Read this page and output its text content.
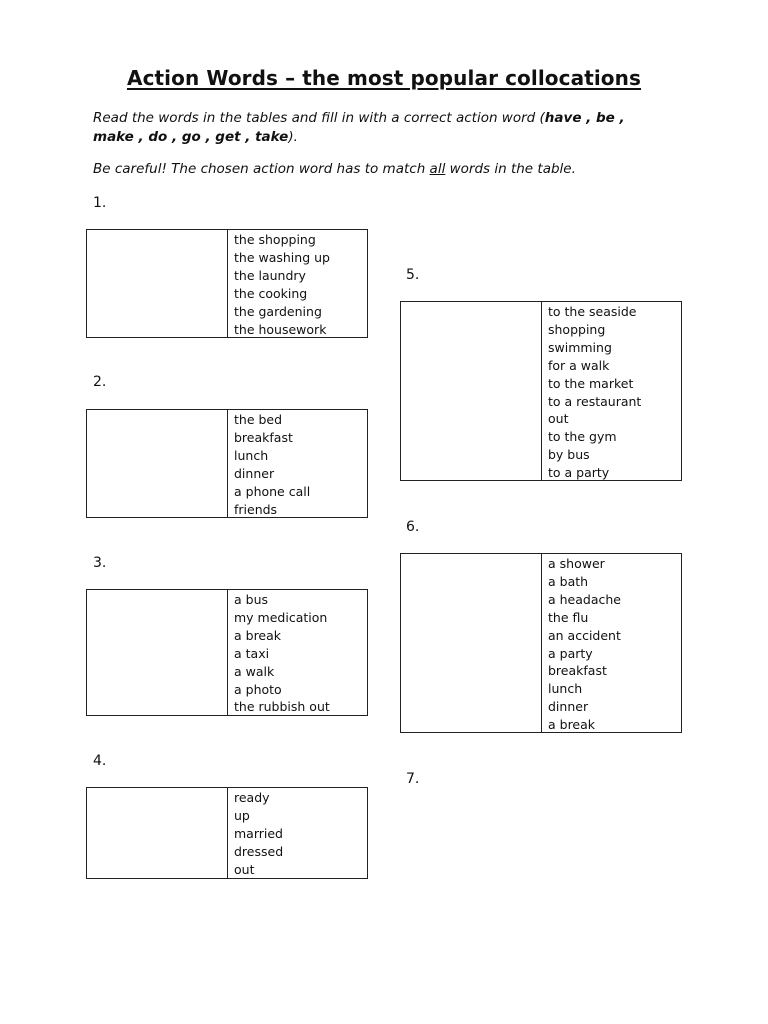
Action Words – the most popular collocations
Read the words in the tables and fill in with a correct action word (have , be ,
make , do , go , get , take).
Be careful! The chosen action word has to match all words in the table.
1.
the shopping
the washing up
the laundry
the cooking
the gardening
the housework
2.
the bed
breakfast
lunch
dinner
a phone call
friends
3.
a bus
my medication
a break
a taxi
a walk
a photo
the rubbish out
4.
ready
up
married
dressed
out
5.
to the seaside
shopping
swimming
for a walk
to the market
to a restaurant
out
to the gym
by bus
to a party
6.
a shower
a bath
a headache
the flu
an accident
a party
breakfast
lunch
dinner
a break
7.
